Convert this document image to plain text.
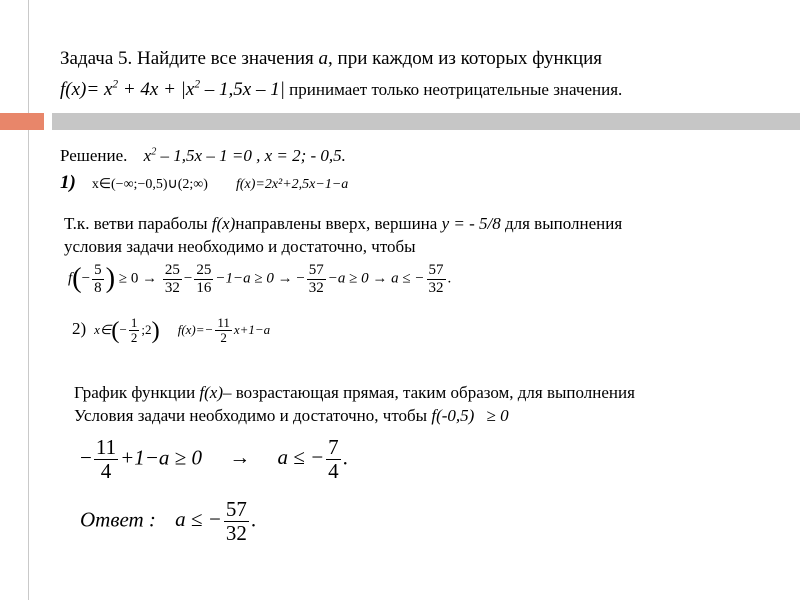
Задача 5. Найдите все значения а, при каждом из которых функция
$f(x)= x^2 + 4x + |x^2 - 1,5x - 1|$ принимает только неотрицательные значения.
Решение. $x^2 - 1,5x - 1 =0$ , x = 2; - 0,5.
1) x∈(−∞;−0,5)∪(2;∞) f(x)=2x²+2,5x−1−a
Т.к. ветви параболы f(x)направлены вверх, вершина у = - 5/8 для выполнения
условия задачи необходимо и достаточно, чтобы
$f(- \frac{5}{8}$ ) ≥ $0 \to \frac{25}{32} - \frac{25}{16} -1-a \ge 0$ → − $\frac{57}{32} -a \ge 0 \to a$ ≤ − $\frac{57}{32}$ .
2) x∈(− $\frac{1}{2}$ ;2) $f(x)=- \frac{11}{2} x+1-a$
График функции f(x)– возрастающая прямая, таким образом, для выполнения
Условия задачи необходимо и достаточно, чтобы f(-0,5) ≥ 0
− $\frac{11}{4} +1-a \ge 0 \to a$ ≤ − $\frac{7}{4}$ .
Ответ : a ≤ − $\frac{57}{32}$ .
